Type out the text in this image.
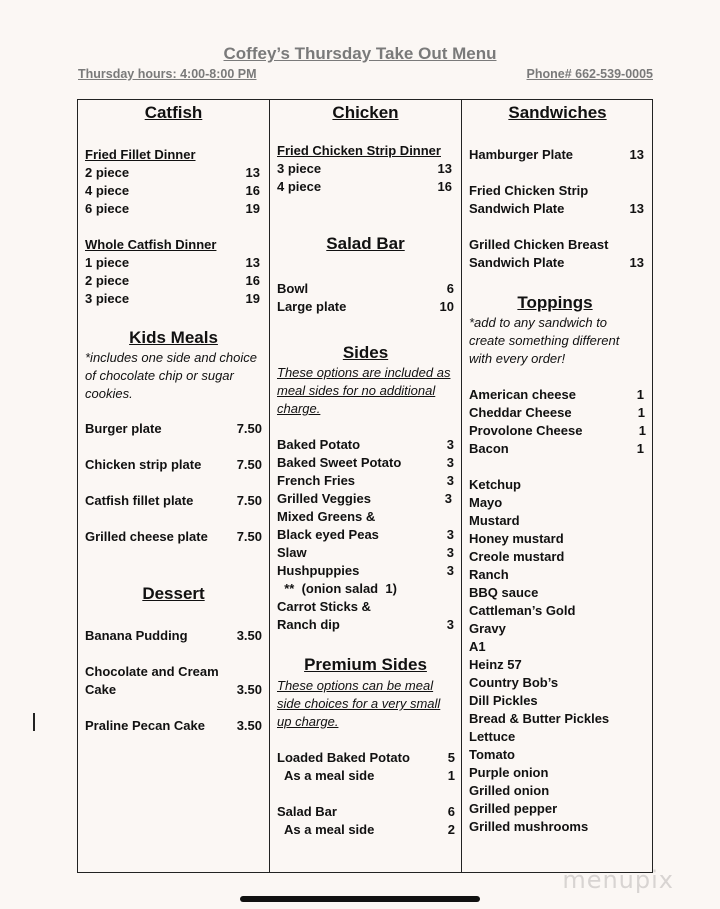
Coffey’s Thursday Take Out Menu
Thursday hours: 4:00-8:00 PM	Phone# 662-539-0005
Catfish
Fried Fillet Dinner
2 piece	13
4 piece	16
6 piece	19
Whole Catfish Dinner
1 piece	13
2 piece	16
3 piece	19
Kids Meals
*includes one side and choice
of chocolate chip or sugar
cookies.
Burger plate	7.50
Chicken strip plate	7.50
Catfish fillet plate	7.50
Grilled cheese plate	7.50
Dessert
Banana Pudding	3.50
Chocolate and Cream
Cake	3.50
Praline Pecan Cake	3.50
Chicken
Fried Chicken Strip Dinner
3 piece	13
4 piece	16
Salad Bar
Bowl	6
Large plate	10
Sides
These options are included as
meal sides for no additional
charge.
Baked Potato	3
Baked Sweet Potato	3
French Fries	3
Grilled Veggies	3
Mixed Greens &
Black eyed Peas	3
Slaw	3
Hushpuppies	3
**  (onion salad  1)
Carrot Sticks &
Ranch dip	3
Premium Sides
These options can be meal
side choices for a very small
up charge.
Loaded Baked Potato	5
As a meal side	1
Salad Bar	6
As a meal side	2
Sandwiches
Hamburger Plate	13
Fried Chicken Strip
Sandwich Plate	13
Grilled Chicken Breast
Sandwich Plate	13
Toppings
*add to any sandwich to
create something different
with every order!
American cheese	1
Cheddar Cheese	1
Provolone Cheese	1
Bacon	1
Ketchup
Mayo
Mustard
Honey mustard
Creole mustard
Ranch
BBQ sauce
Cattleman’s Gold
Gravy
A1
Heinz 57
Country Bob’s
Dill Pickles
Bread & Butter Pickles
Lettuce
Tomato
Purple onion
Grilled onion
Grilled pepper
Grilled mushrooms
menupix
